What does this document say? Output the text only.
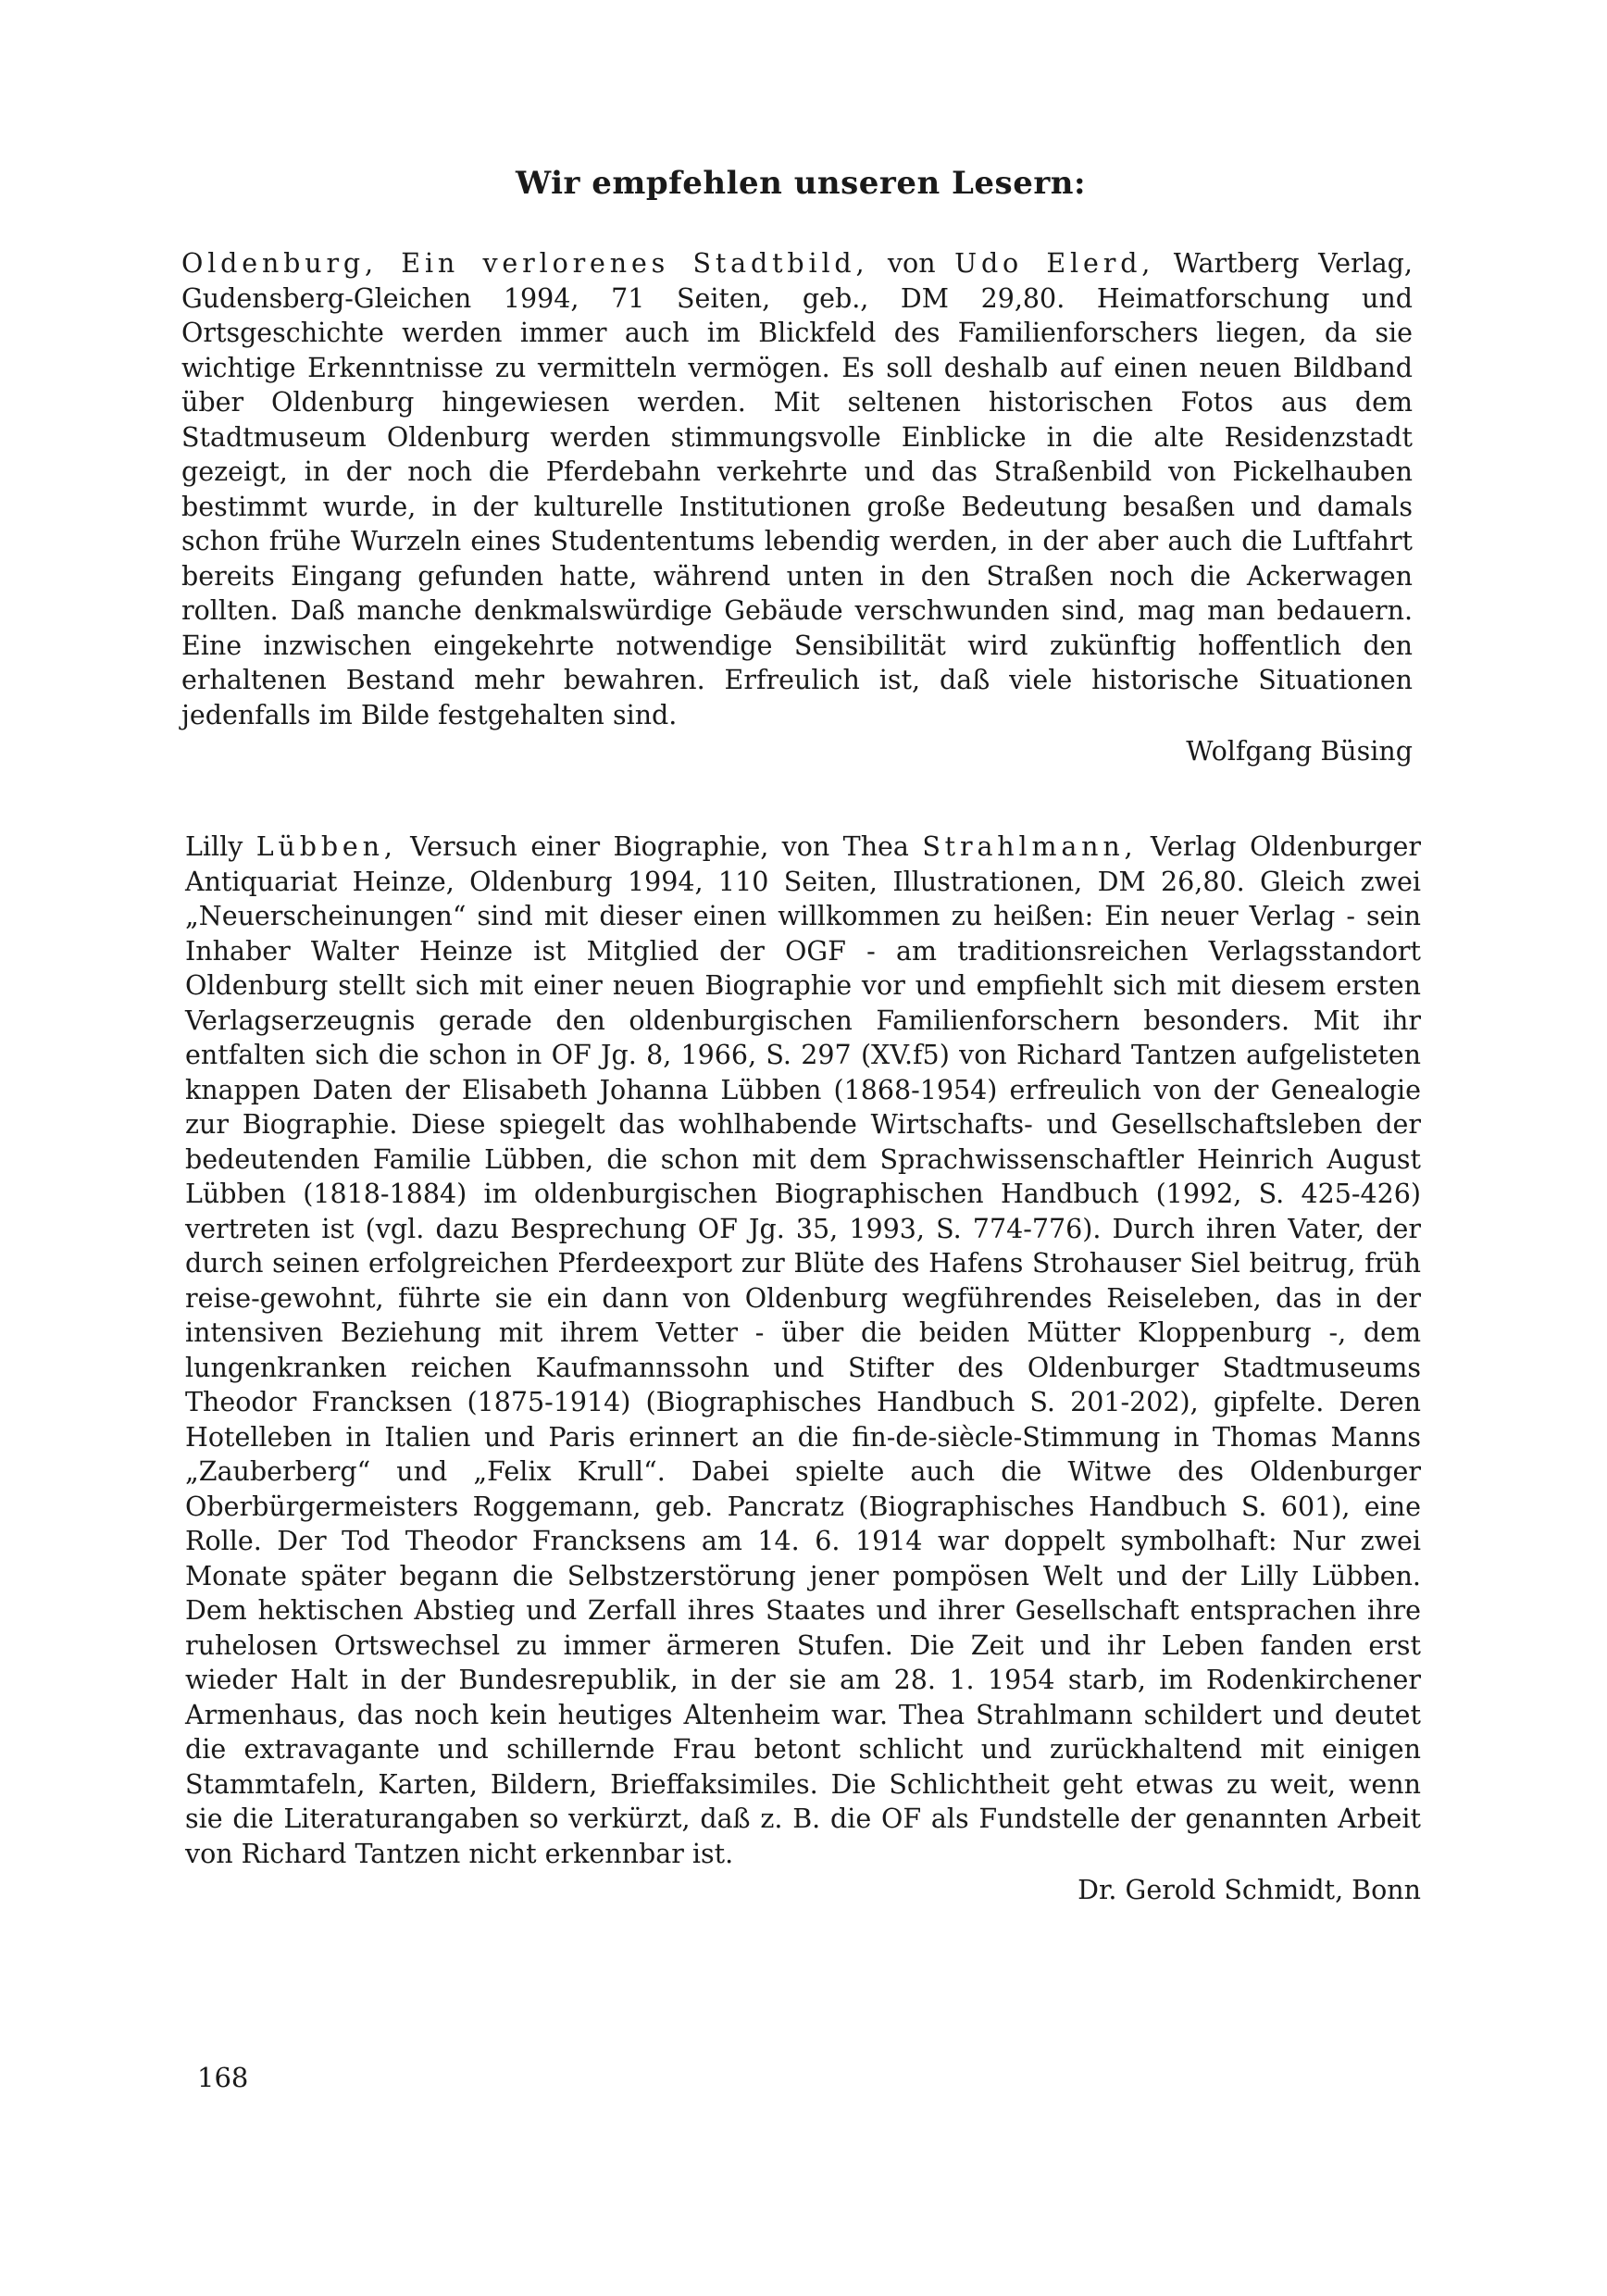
Wir empfehlen unseren Lesern:
Oldenburg, Ein verlorenes Stadtbild, von Udo Elerd, Wartberg Verlag, Gudensberg-Gleichen 1994, 71 Seiten, geb., DM 29,80. Heimatforschung und Ortsgeschichte werden immer auch im Blickfeld des Familienforschers liegen, da sie wichtige Erkenntnisse zu vermitteln vermögen. Es soll deshalb auf einen neuen Bildband über Oldenburg hingewiesen werden. Mit seltenen historischen Fotos aus dem Stadtmuseum Oldenburg werden stimmungsvolle Einblicke in die alte Residenzstadt gezeigt, in der noch die Pferdebahn verkehrte und das Straßenbild von Pickelhauben bestimmt wurde, in der kulturelle Institutionen große Bedeutung besaßen und damals schon frühe Wurzeln eines Studententums lebendig werden, in der aber auch die Luftfahrt bereits Eingang gefunden hatte, während unten in den Straßen noch die Ackerwagen rollten. Daß manche denkmalswürdige Gebäude verschwunden sind, mag man bedauern. Eine inzwischen eingekehrte notwendige Sensibilität wird zukünftig hoffentlich den erhaltenen Bestand mehr bewahren. Erfreulich ist, daß viele historische Situationen jedenfalls im Bilde festgehalten sind.
Wolfgang Büsing
Lilly Lübben, Versuch einer Biographie, von Thea Strahlmann, Verlag Oldenburger Antiquariat Heinze, Oldenburg 1994, 110 Seiten, Illustrationen, DM 26,80. Gleich zwei „Neuerscheinungen“ sind mit dieser einen willkommen zu heißen: Ein neuer Verlag - sein Inhaber Walter Heinze ist Mitglied der OGF - am traditionsreichen Verlagsstandort Oldenburg stellt sich mit einer neuen Biographie vor und empfiehlt sich mit diesem ersten Verlagserzeugnis gerade den oldenburgischen Familienforschern besonders. Mit ihr entfalten sich die schon in OF Jg. 8, 1966, S. 297 (XV.f5) von Richard Tantzen aufgelisteten knappen Daten der Elisabeth Johanna Lübben (1868-1954) erfreulich von der Genealogie zur Biographie. Diese spiegelt das wohlhabende Wirtschafts- und Gesellschaftsleben der bedeutenden Familie Lübben, die schon mit dem Sprachwissenschaftler Heinrich August Lübben (1818-1884) im oldenburgischen Biographischen Handbuch (1992, S. 425-426) vertreten ist (vgl. dazu Besprechung OF Jg. 35, 1993, S. 774-776). Durch ihren Vater, der durch seinen erfolgreichen Pferdeexport zur Blüte des Hafens Strohauser Siel beitrug, früh reise-gewohnt, führte sie ein dann von Oldenburg wegführendes Reiseleben, das in der intensiven Beziehung mit ihrem Vetter - über die beiden Mütter Kloppenburg -, dem lungenkranken reichen Kaufmannssohn und Stifter des Oldenburger Stadtmuseums Theodor Francksen (1875-1914) (Biographisches Handbuch S. 201-202), gipfelte. Deren Hotelleben in Italien und Paris erinnert an die fin-de-siècle-Stimmung in Thomas Manns „Zauberberg“ und „Felix Krull“. Dabei spielte auch die Witwe des Oldenburger Oberbürgermeisters Roggemann, geb. Pancratz (Biographisches Handbuch S. 601), eine Rolle. Der Tod Theodor Francksens am 14. 6. 1914 war doppelt symbolhaft: Nur zwei Monate später begann die Selbstzerstörung jener pompösen Welt und der Lilly Lübben. Dem hektischen Abstieg und Zerfall ihres Staates und ihrer Gesellschaft entsprachen ihre ruhelosen Ortswechsel zu immer ärmeren Stufen. Die Zeit und ihr Leben fanden erst wieder Halt in der Bundesrepublik, in der sie am 28. 1. 1954 starb, im Rodenkirchener Armenhaus, das noch kein heutiges Altenheim war. Thea Strahlmann schildert und deutet die extravagante und schillernde Frau betont schlicht und zurückhaltend mit einigen Stammtafeln, Karten, Bildern, Brieffaksimiles. Die Schlichtheit geht etwas zu weit, wenn sie die Literaturangaben so verkürzt, daß z. B. die OF als Fundstelle der genannten Arbeit von Richard Tantzen nicht erkennbar ist.
Dr. Gerold Schmidt, Bonn
168
